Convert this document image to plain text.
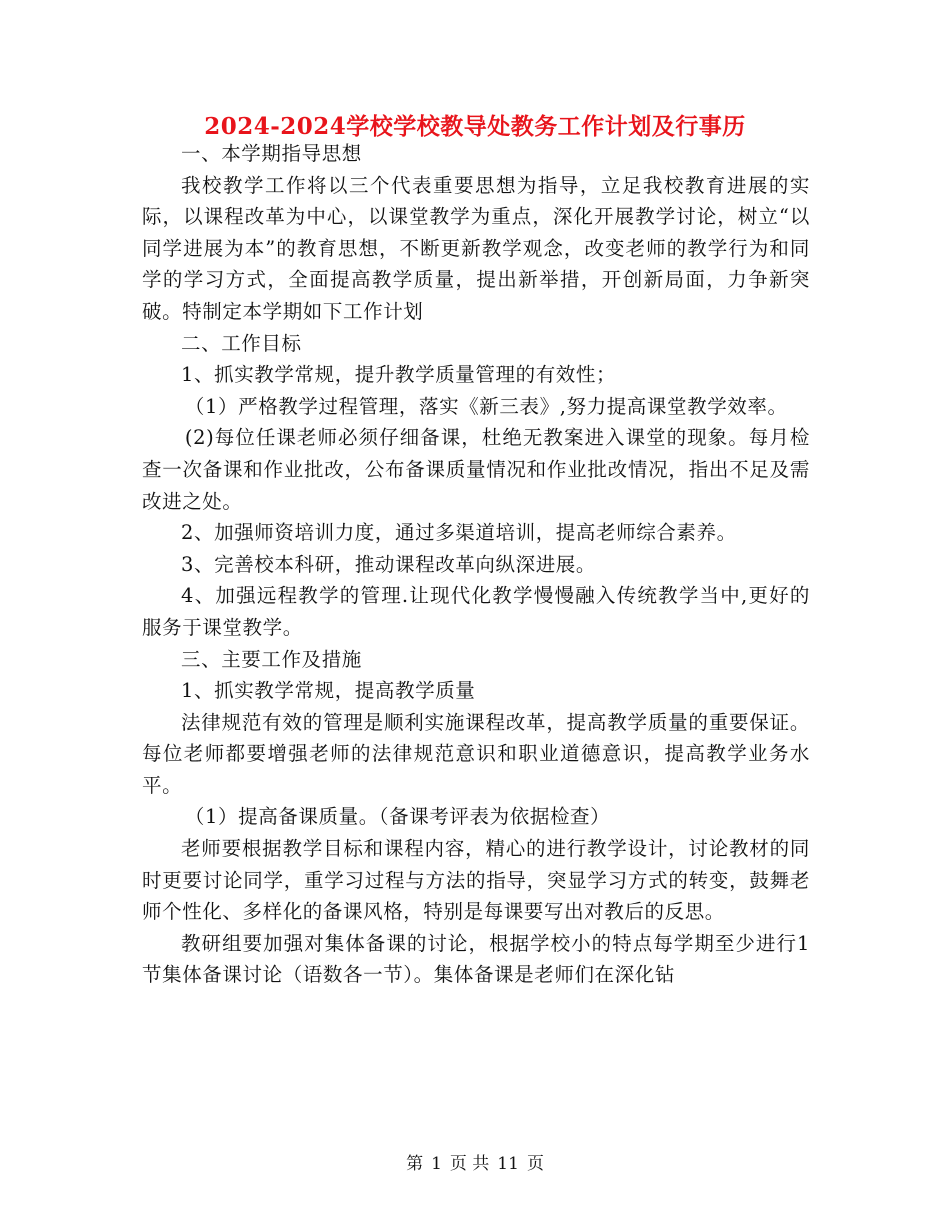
2024-2024学校学校教导处教务工作计划及行事历

一、本学期指导思想

我校教学工作将以三个代表重要思想为指导，立足我校教育进展的实际，以课程改革为中心，以课堂教学为重点，深化开展教学讨论，树立“以同学进展为本”的教育思想，不断更新教学观念，改变老师的教学行为和同学的学习方式，全面提高教学质量，提出新举措，开创新局面，力争新突破。特制定本学期如下工作计划

二、工作目标

1、抓实教学常规，提升教学质量管理的有效性；

（1）严格教学过程管理，落实《新三表》,努力提高课堂教学效率。

(2)每位任课老师必须仔细备课，杜绝无教案进入课堂的现象。每月检查一次备课和作业批改，公布备课质量情况和作业批改情况，指出不足及需改进之处。

2、加强师资培训力度，通过多渠道培训，提高老师综合素养。

3、完善校本科研，推动课程改革向纵深进展。

4、加强远程教学的管理.让现代化教学慢慢融入传统教学当中,更好的服务于课堂教学。

三、主要工作及措施

1、抓实教学常规，提高教学质量

法律规范有效的管理是顺利实施课程改革，提高教学质量的重要保证。每位老师都要增强老师的法律规范意识和职业道德意识，提高教学业务水平。

（1）提高备课质量。（备课考评表为依据检查）

老师要根据教学目标和课程内容，精心的进行教学设计，讨论教材的同时更要讨论同学，重学习过程与方法的指导，突显学习方式的转变，鼓舞老师个性化、多样化的备课风格，特别是每课要写出对教后的反思。

教研组要加强对集体备课的讨论，根据学校小的特点每学期至少进行1节集体备课讨论（语数各一节）。集体备课是老师们在深化钻

第 1 页 共 11 页
